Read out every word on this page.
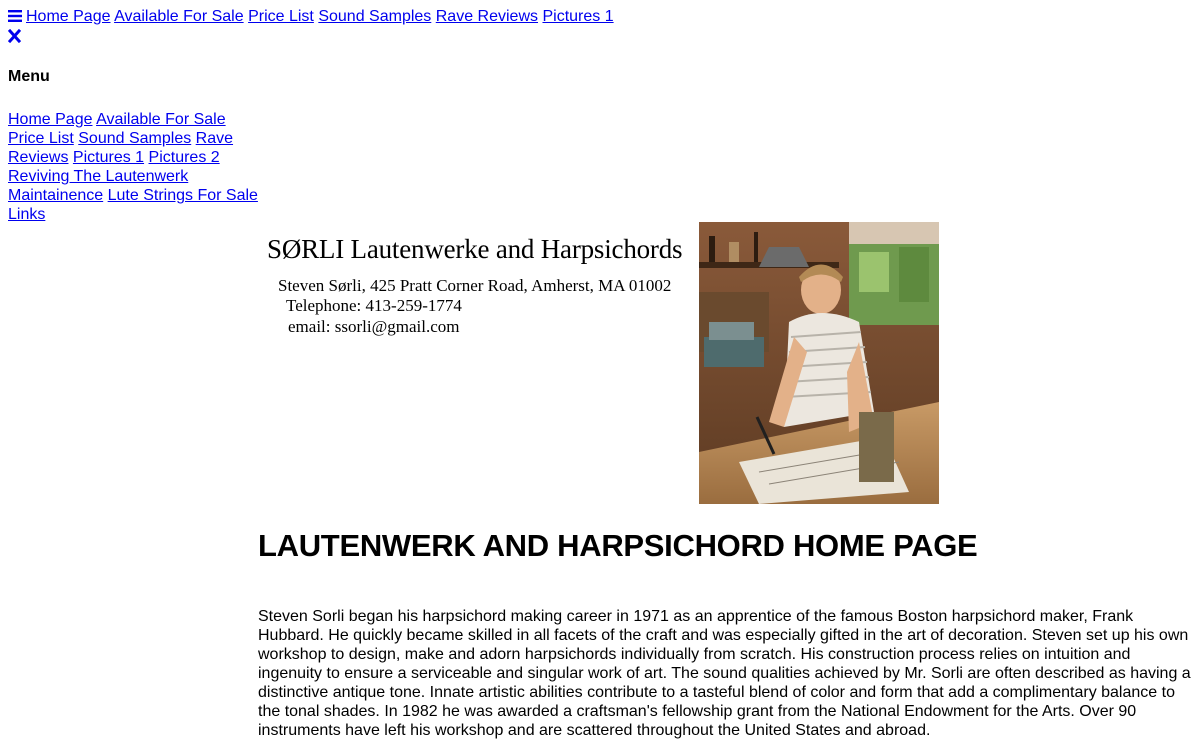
Home Page Available For Sale Price List Sound Samples Rave Reviews Pictures 1
Menu
Home Page Available For Sale Price List Sound Samples Rave Reviews Pictures 1 Pictures 2 Reviving The Lautenwerk Maintainence Lute Strings For Sale Links
SØRLI Lautenwerke and Harpsichords
Steven Sørli, 425 Pratt Corner Road, Amherst, MA 01002
Telephone: 413-259-1774
email: ssorli@gmail.com
LAUTENWERK AND HARPSICHORD HOME PAGE

Steven Sorli began his harpsichord making career in 1971 as an apprentice of the famous Boston harpsichord maker, Frank Hubbard. He quickly became skilled in all facets of the craft and was especially gifted in the art of decoration. Steven set up his own workshop to design, make and adorn harpsichords individually from scratch. His construction process relies on intuition and ingenuity to ensure a serviceable and singular work of art. The sound qualities achieved by Mr. Sorli are often described as having a distinctive antique tone. Innate artistic abilities contribute to a tasteful blend of color and form that add a complimentary balance to the tonal shades. In 1982 he was awarded a craftsman's fellowship grant from the National Endowment for the Arts. Over 90 instruments have left his workshop and are scattered throughout the United States and abroad.
